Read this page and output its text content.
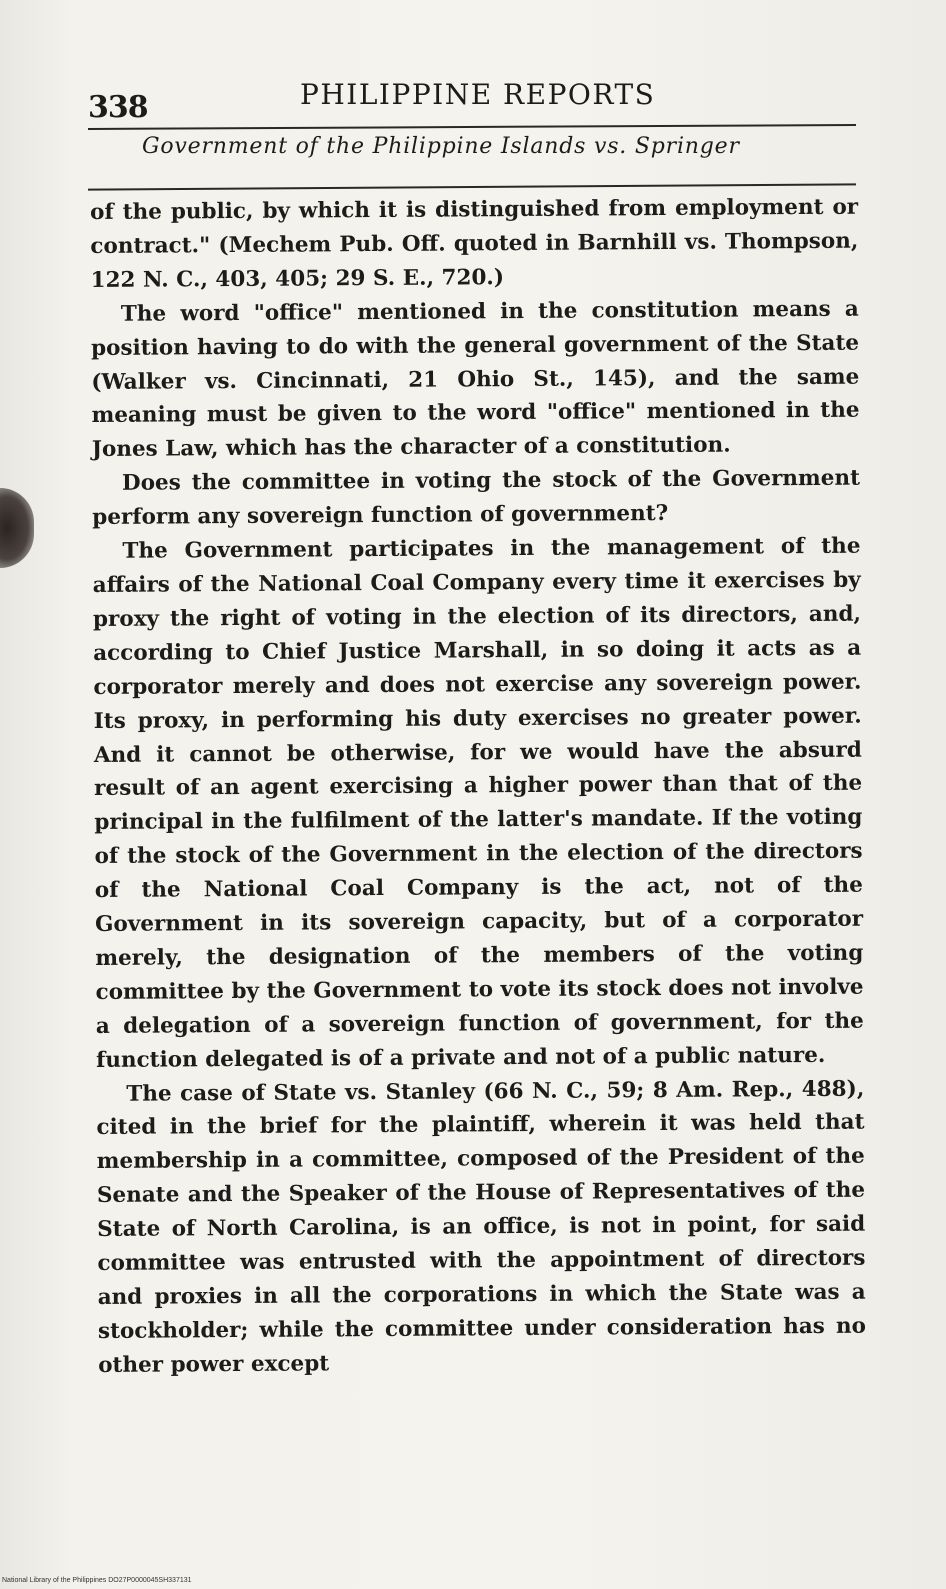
338	PHILIPPINE REPORTS
Government of the Philippine Islands vs. Springer

of the public, by which it is distinguished from employment or contract." (Mechem Pub. Off. quoted in Barnhill vs. Thompson, 122 N. C., 403, 405; 29 S. E., 720.)

The word "office" mentioned in the constitution means a position having to do with the general government of the State (Walker vs. Cincinnati, 21 Ohio St., 145), and the same meaning must be given to the word "office" mentioned in the Jones Law, which has the character of a constitution.

Does the committee in voting the stock of the Government perform any sovereign function of government?

The Government participates in the management of the affairs of the National Coal Company every time it exercises by proxy the right of voting in the election of its directors, and, according to Chief Justice Marshall, in so doing it acts as a corporator merely and does not exercise any sovereign power. Its proxy, in performing his duty exercises no greater power. And it cannot be otherwise, for we would have the absurd result of an agent exercising a higher power than that of the principal in the fulfilment of the latter's mandate. If the voting of the stock of the Government in the election of the directors of the National Coal Company is the act, not of the Government in its sovereign capacity, but of a corporator merely, the designation of the members of the voting committee by the Government to vote its stock does not involve a delegation of a sovereign function of government, for the function delegated is of a private and not of a public nature.

The case of State vs. Stanley (66 N. C., 59; 8 Am. Rep., 488), cited in the brief for the plaintiff, wherein it was held that membership in a committee, composed of the President of the Senate and the Speaker of the House of Representatives of the State of North Carolina, is an office, is not in point, for said committee was entrusted with the appointment of directors and proxies in all the corporations in which the State was a stockholder; while the committee under consideration has no other power except

National Library of the Philippines DO27P0000045SH337131
